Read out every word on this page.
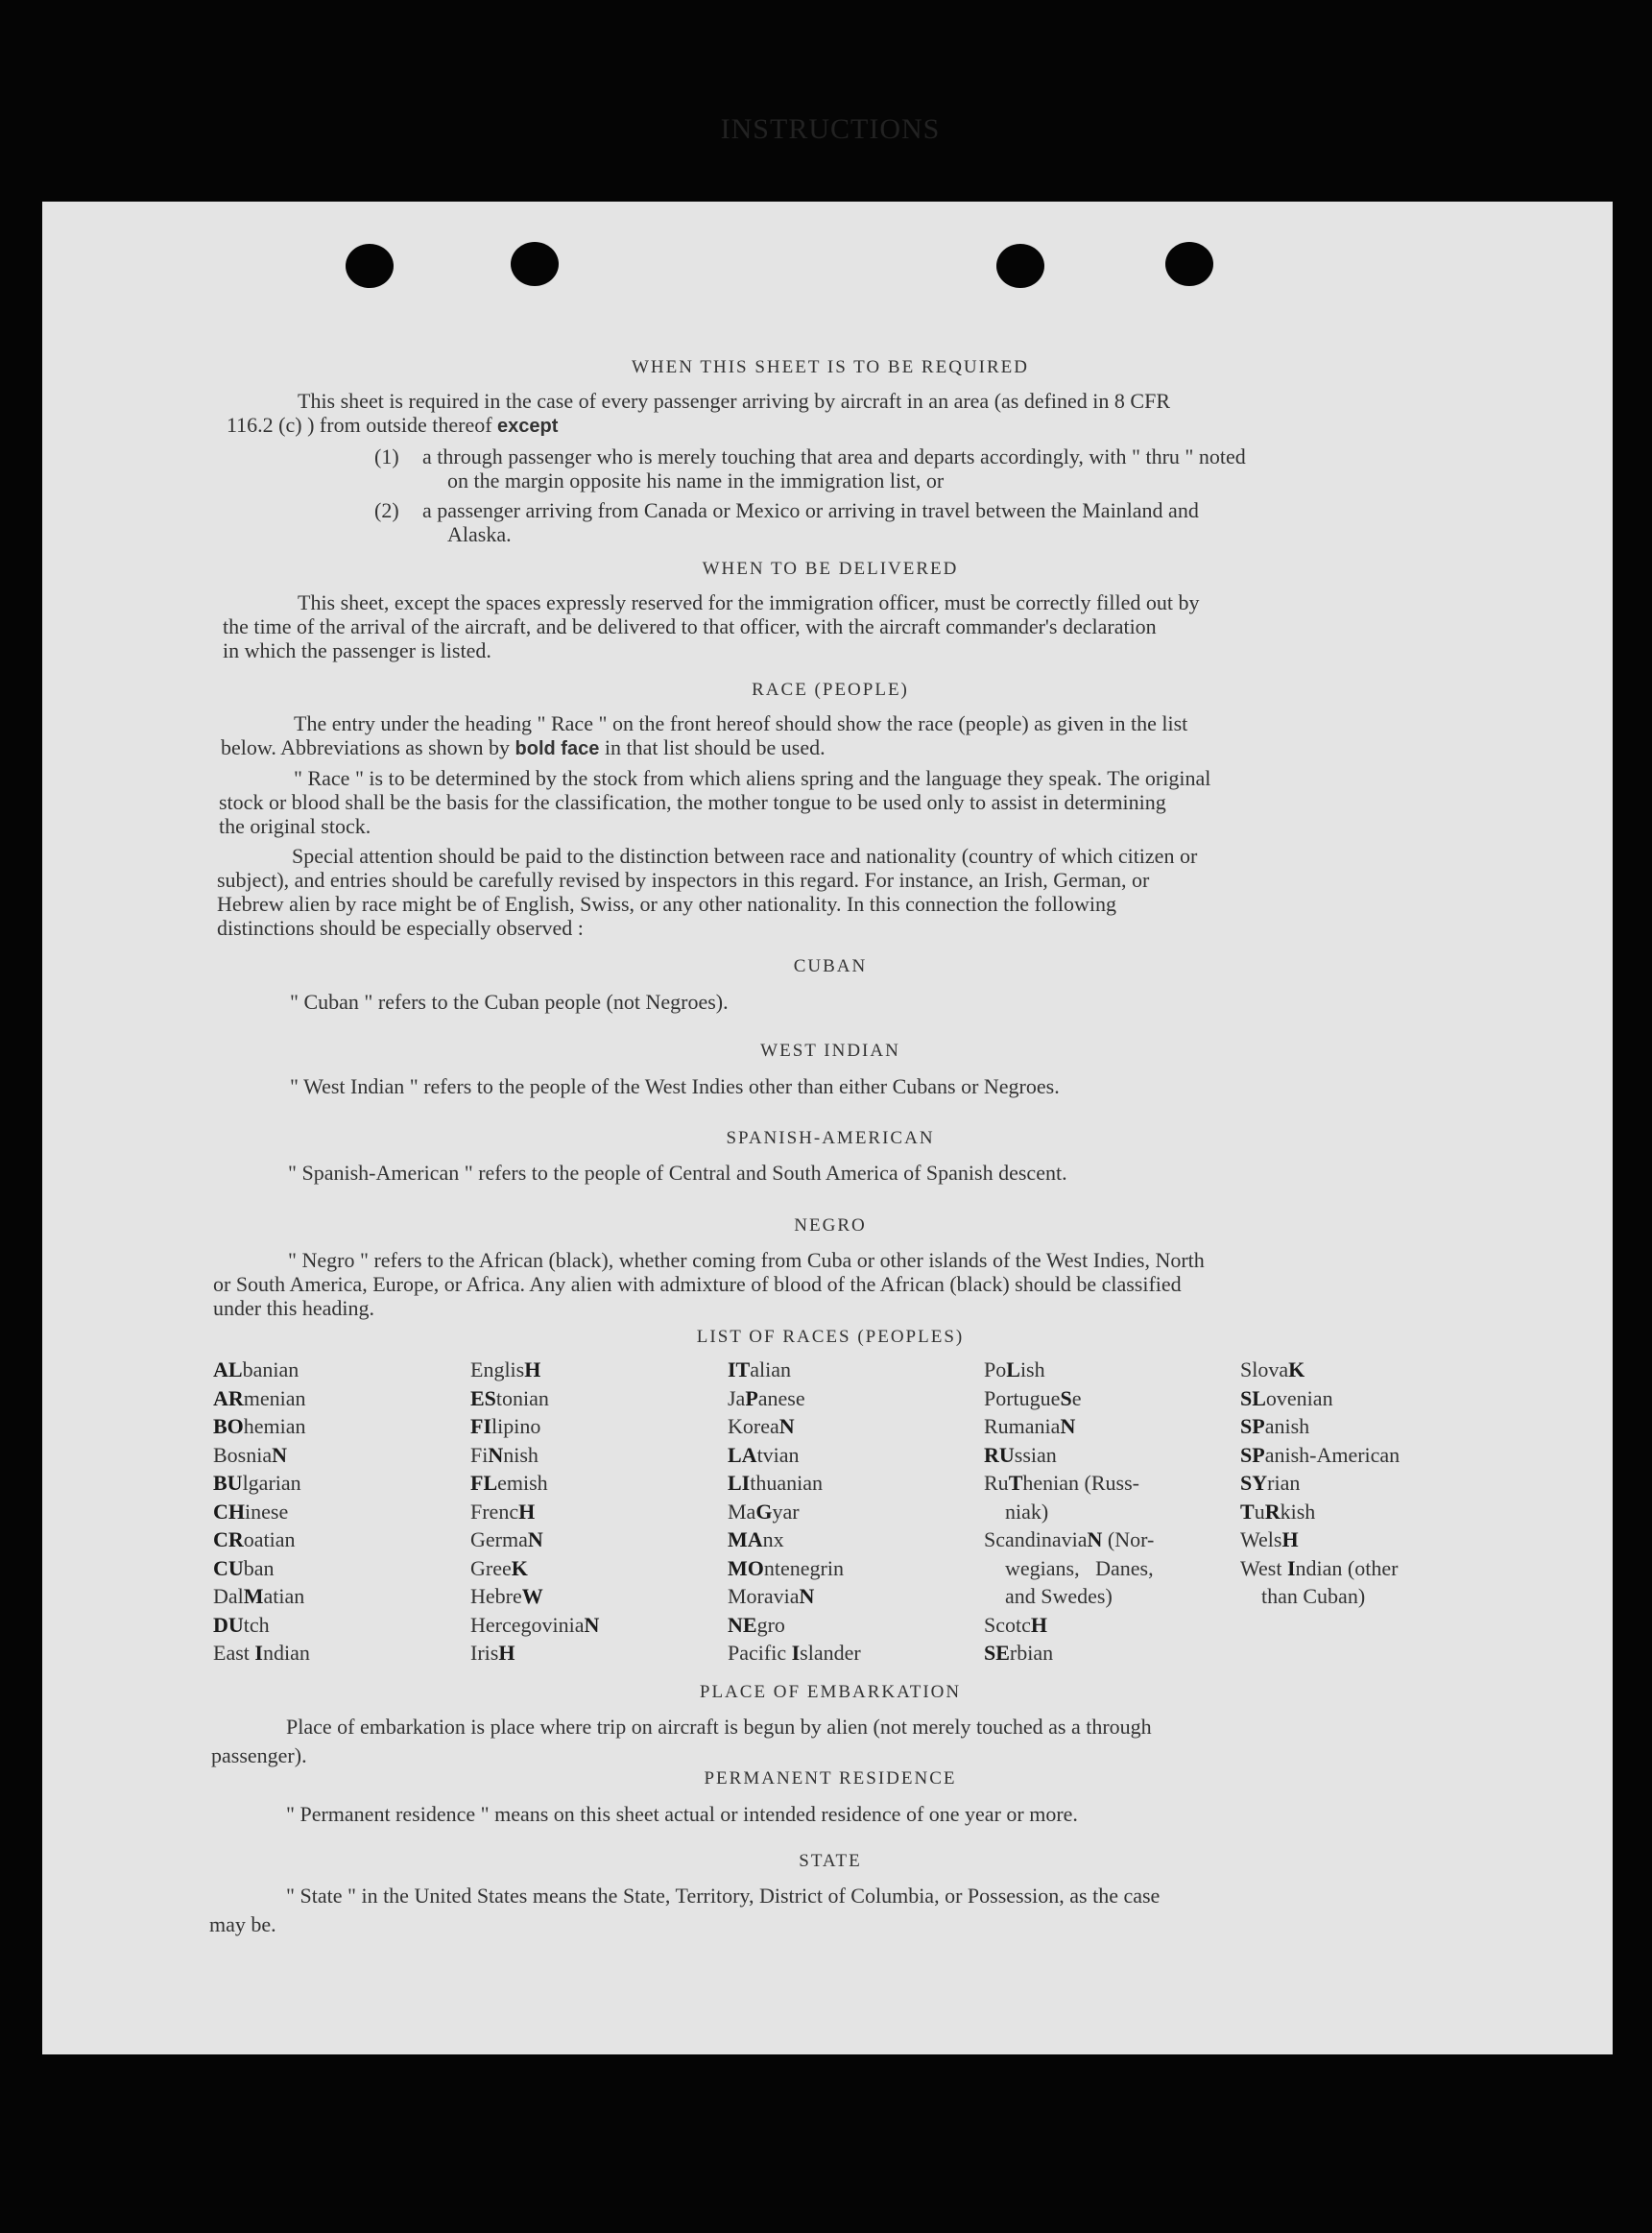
INSTRUCTIONS
WHEN THIS SHEET IS TO BE REQUIRED
This sheet is required in the case of every passenger arriving by aircraft in an area (as defined in 8 CFR
116.2 (c) ) from outside thereof except
(1) a through passenger who is merely touching that area and departs accordingly, with " thru " noted
on the margin opposite his name in the immigration list, or
(2) a passenger arriving from Canada or Mexico or arriving in travel between the Mainland and
Alaska.
WHEN TO BE DELIVERED
This sheet, except the spaces expressly reserved for the immigration officer, must be correctly filled out by
the time of the arrival of the aircraft, and be delivered to that officer, with the aircraft commander's declaration
in which the passenger is listed.
RACE (PEOPLE)
The entry under the heading " Race " on the front hereof should show the race (people) as given in the list
below. Abbreviations as shown by bold face in that list should be used.
" Race " is to be determined by the stock from which aliens spring and the language they speak. The original
stock or blood shall be the basis for the classification, the mother tongue to be used only to assist in determining
the original stock.
Special attention should be paid to the distinction between race and nationality (country of which citizen or
subject), and entries should be carefully revised by inspectors in this regard. For instance, an Irish, German, or
Hebrew alien by race might be of English, Swiss, or any other nationality. In this connection the following
distinctions should be especially observed :
CUBAN
" Cuban " refers to the Cuban people (not Negroes).
WEST INDIAN
" West Indian " refers to the people of the West Indies other than either Cubans or Negroes.
SPANISH-AMERICAN
" Spanish-American " refers to the people of Central and South America of Spanish descent.
NEGRO
" Negro " refers to the African (black), whether coming from Cuba or other islands of the West Indies, North
or South America, Europe, or Africa. Any alien with admixture of blood of the African (black) should be classified
under this heading.
LIST OF RACES (PEOPLES)
ALbanian
ARmenian
BOhemian
BosniaN
BUlgarian
CHinese
CRoatian
CUban
DalMatian
DUtch
East Indian
EnglisH
EStonian
FIlipino
FiNnish
FLemish
FrencH
GermaN
GreeK
HebreW
HercegoviniaN
IrisH
ITalian
JaPanese
KoreaN
LAtvian
LIthuanian
MaGyar
MAnx
MOntenegrin
MoraviaN
NEgro
Pacific Islander
PoLish
PortugueSe
RumaniaN
RUssian
RuThenian (Russ-
niak)
ScandinaviaN (Nor-
wegians,   Danes,
and Swedes)
ScotcH
SErbian
SlovaK
SLovenian
SPanish
SPanish-American
SYrian
TuRkish
WelsH
West Indian (other
than Cuban)
PLACE OF EMBARKATION
Place of embarkation is place where trip on aircraft is begun by alien (not merely touched as a through
passenger).
PERMANENT RESIDENCE
" Permanent residence " means on this sheet actual or intended residence of one year or more.
STATE
" State " in the United States means the State, Territory, District of Columbia, or Possession, as the case
may be.
